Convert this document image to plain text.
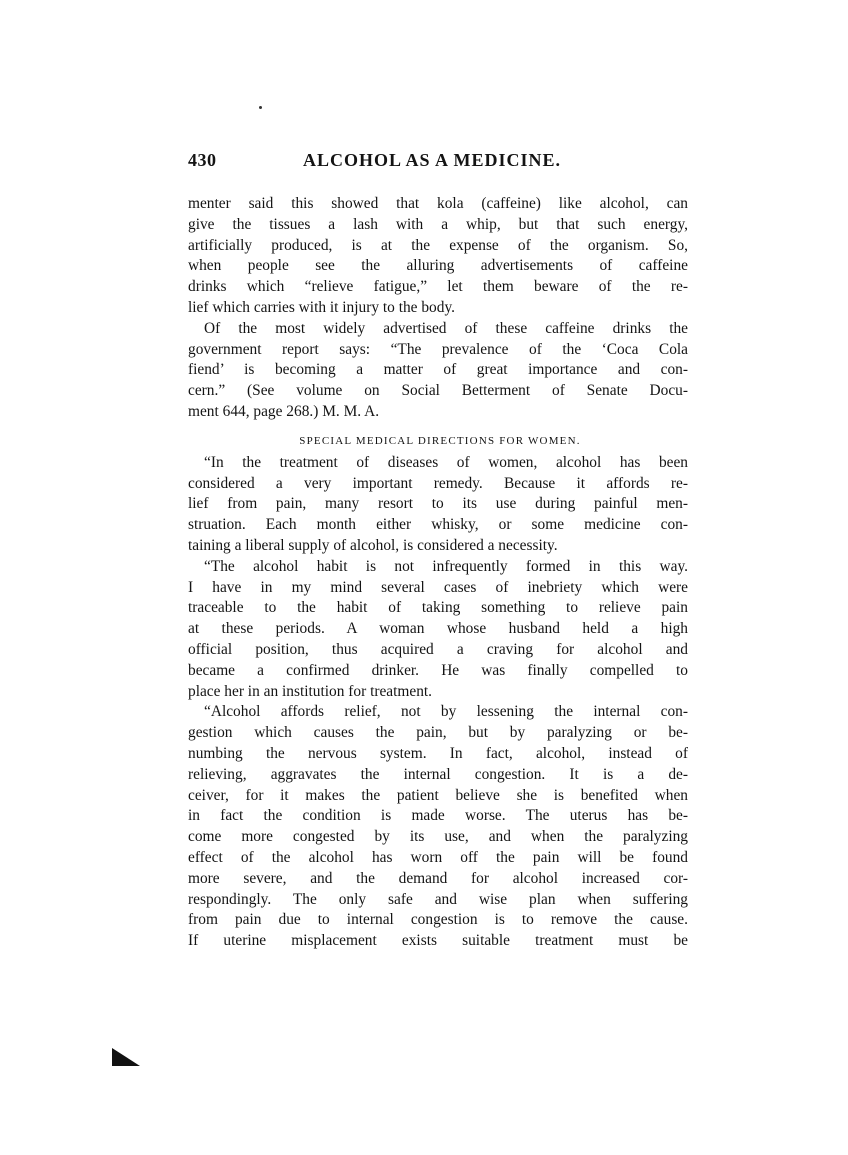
430	ALCOHOL AS A MEDICINE.
menter said this showed that kola (caffeine) like alcohol, can
give the tissues a lash with a whip, but that such energy,
artificially produced, is at the expense of the organism. So,
when people see the alluring advertisements of caffeine
drinks which “relieve fatigue,” let them beware of the re-
lief which carries with it injury to the body.
Of the most widely advertised of these caffeine drinks the
government report says: “The prevalence of the ‘Coca Cola
fiend’ is becoming a matter of great importance and con-
cern.” (See volume on Social Betterment of Senate Docu-
ment 644, page 268.) M. M. A.
SPECIAL MEDICAL DIRECTIONS FOR WOMEN.
“In the treatment of diseases of women, alcohol has been
considered a very important remedy. Because it affords re-
lief from pain, many resort to its use during painful men-
struation. Each month either whisky, or some medicine con-
taining a liberal supply of alcohol, is considered a necessity.
“The alcohol habit is not infrequently formed in this way.
I have in my mind several cases of inebriety which were
traceable to the habit of taking something to relieve pain
at these periods. A woman whose husband held a high
official position, thus acquired a craving for alcohol and
became a confirmed drinker. He was finally compelled to
place her in an institution for treatment.
“Alcohol affords relief, not by lessening the internal con-
gestion which causes the pain, but by paralyzing or be-
numbing the nervous system. In fact, alcohol, instead of
relieving, aggravates the internal congestion. It is a de-
ceiver, for it makes the patient believe she is benefited when
in fact the condition is made worse. The uterus has be-
come more congested by its use, and when the paralyzing
effect of the alcohol has worn off the pain will be found
more severe, and the demand for alcohol increased cor-
respondingly. The only safe and wise plan when suffering
from pain due to internal congestion is to remove the cause.
If uterine misplacement exists suitable treatment must be
